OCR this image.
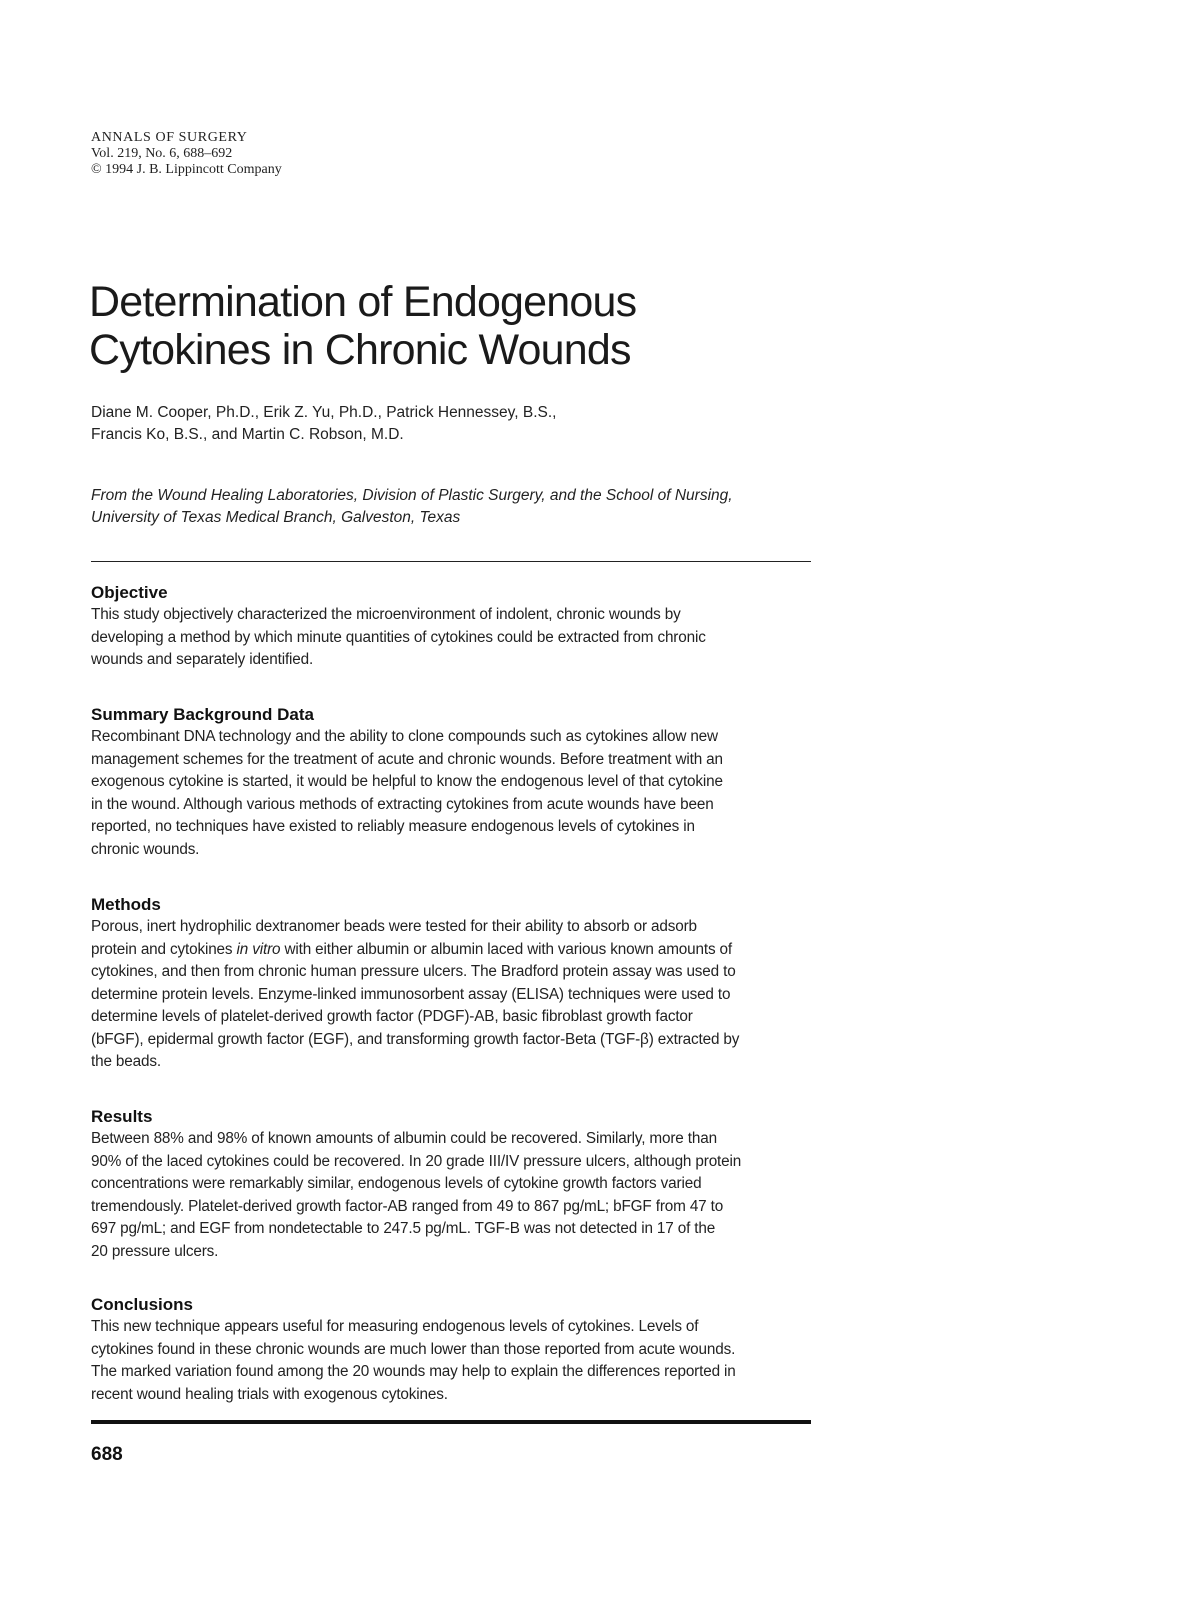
ANNALS OF SURGERY
Vol. 219, No. 6, 688–692
© 1994 J. B. Lippincott Company
Determination of Endogenous
Cytokines in Chronic Wounds
Diane M. Cooper, Ph.D., Erik Z. Yu, Ph.D., Patrick Hennessey, B.S.,
Francis Ko, B.S., and Martin C. Robson, M.D.
From the Wound Healing Laboratories, Division of Plastic Surgery, and the School of Nursing,
University of Texas Medical Branch, Galveston, Texas
Objective

This study objectively characterized the microenvironment of indolent, chronic wounds by
developing a method by which minute quantities of cytokines could be extracted from chronic
wounds and separately identified.

Summary Background Data

Recombinant DNA technology and the ability to clone compounds such as cytokines allow new
management schemes for the treatment of acute and chronic wounds. Before treatment with an
exogenous cytokine is started, it would be helpful to know the endogenous level of that cytokine
in the wound. Although various methods of extracting cytokines from acute wounds have been
reported, no techniques have existed to reliably measure endogenous levels of cytokines in
chronic wounds.

Methods

Porous, inert hydrophilic dextranomer beads were tested for their ability to absorb or adsorb
protein and cytokines in vitro with either albumin or albumin laced with various known amounts of
cytokines, and then from chronic human pressure ulcers. The Bradford protein assay was used to
determine protein levels. Enzyme-linked immunosorbent assay (ELISA) techniques were used to
determine levels of platelet-derived growth factor (PDGF)-AB, basic fibroblast growth factor
(bFGF), epidermal growth factor (EGF), and transforming growth factor-Beta (TGF-β) extracted by
the beads.

Results

Between 88% and 98% of known amounts of albumin could be recovered. Similarly, more than
90% of the laced cytokines could be recovered. In 20 grade III/IV pressure ulcers, although protein
concentrations were remarkably similar, endogenous levels of cytokine growth factors varied
tremendously. Platelet-derived growth factor-AB ranged from 49 to 867 pg/mL; bFGF from 47 to
697 pg/mL; and EGF from nondetectable to 247.5 pg/mL. TGF-B was not detected in 17 of the
20 pressure ulcers.

Conclusions

This new technique appears useful for measuring endogenous levels of cytokines. Levels of
cytokines found in these chronic wounds are much lower than those reported from acute wounds.
The marked variation found among the 20 wounds may help to explain the differences reported in
recent wound healing trials with exogenous cytokines.

688
